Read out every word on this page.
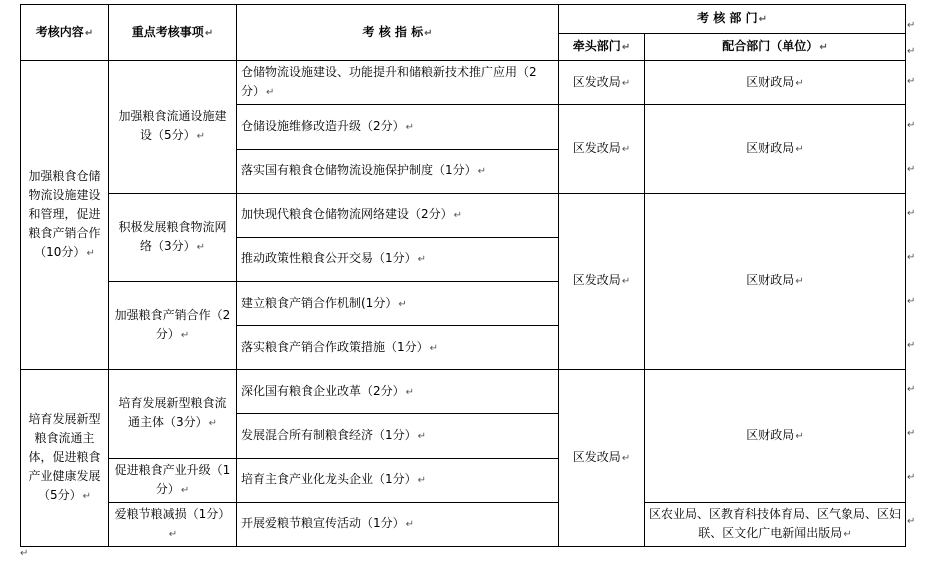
考核内容↵	重点考核事项↵	考 核 指 标↵	考 核 部 门↵	
			牵头部门↵	配合部门（单位）↵
加强粮食仓储物流设施建设和管理，促进粮食产销合作（10分）↵	加强粮食流通设施建设（5分）↵	仓储物流设施建设、功能提升和储粮新技术推广应用（2分）↵	区发改局↵	区财政局↵
		仓储设施维修改造升级（2分）↵	区发改局↵	区财政局↵
		落实国有粮食仓储物流设施保护制度（1分）↵		
	积极发展粮食物流网络（3分）↵	加快现代粮食仓储物流网络建设（2分）↵	区发改局↵	区财政局↵
		推动政策性粮食公开交易（1分）↵		
	加强粮食产销合作（2分）↵	建立粮食产销合作机制(1分）↵		
		落实粮食产销合作政策措施（1分）↵		
培育发展新型粮食流通主体，促进粮食产业健康发展（5分）↵	培育发展新型粮食流通主体（3分）↵	深化国有粮食企业改革（2分）↵	区发改局↵	区财政局↵
		发展混合所有制粮食经济（1分）↵		
	促进粮食产业升级（1分）↵	培育主食产业化龙头企业（1分）↵		
	爱粮节粮减损（1分）↵	开展爱粮节粮宣传活动（1分）↵		区农业局、区教育科技体育局、区气象局、区妇联、区文化广电新闻出版局↵
↵
↵
↵
↵
↵
↵
↵
↵
↵
↵
↵
↵
↵
↵
